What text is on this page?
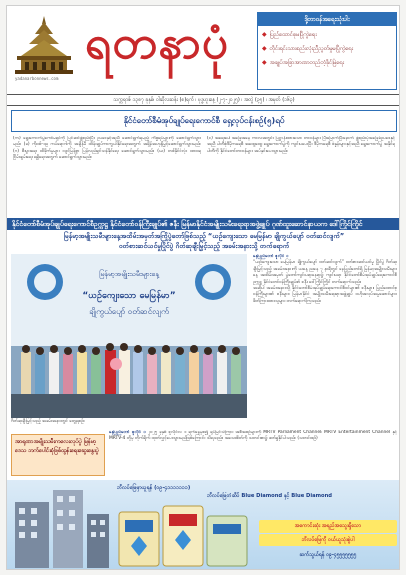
yadanarbonnews.com
ရတနာပုံ	ဒို့တာဝန်အရေးသုံးပါး
◆ ပြည်ထောင်စုမပြိုကွဲရေး
◆ တိုင်းရင်းသားစည်းလုံးညီညွတ်မှုမပြိုကွဲရေး
◆ အချုပ်အခြာအာဏာတည်တံ့ခိုင်မြဲရေး
သက္ကရာဇ် ၁၃၈၇ ခုနှစ်၊ ဝါဆိုလဆန်း (၈)ရက် ၊ ဗုဒ္ဓဟူးနေ့ (၂-၇-၂၀၂၅) ၊ အတွဲ (၃၅) ၊ အမှတ် (၁၆၃)
နိုင်ငံတော်စီမံအုပ်ချုပ်ရေးကောင်စီ ရှေ့လုပ်ငန်းစဉ်(၅)ရပ်
(က) ရွေးကောက်ပွဲကော်မရှင်ကို ပြင်ဆင်ဖွဲ့စည်းပြီး ဥပဒေနှင့်အညီ ဆောင်ရွက်ရမည့် ကိစ္စရပ်များကို ဆောင်ရွက်သွားမည်။ (ခ) ကိုဗစ်-၁၉ ကပ်ရောဂါကို အချိန်မီ ထိန်းချုပ်ကာကွယ်နိုင်ရေးအတွက် အရှိန်အဟုန်မြှင့်ဆောင်ရွက်သွားမည်။ (ဂ) စီးပွားရေး ထိခိုက်မှုများ လျင်မြန်စွာ ပြန်လည်ရှင်သန်နိုင်ရေး ဆောင်ရွက်သွားမည်။ (ဃ) တစ်နိုင်ငံလုံး ထာဝရငြိမ်းချမ်းရေး ရရှိရေးအတွက် ဆောင်ရွက်သွားမည်။
(င) အရေးပေါ်အခြေအနေ ကာလအတွင်း ပြဋ္ဌာန်းထားသော တာဝန်များ ပြီးမြောက်ပြီးနောက် ဖွဲ့စည်းပုံအခြေခံဥပဒေနှင့်အညီ ပါတီစုံဒီမိုကရေစီ အထွေထွေ ရွေးကောက်ပွဲကို ကျင်းပပေးပြီး ဒီမိုကရေစီ စံနှုန်းများနှင့်အညီ ရွေးကောက်ပွဲ အနိုင်ရပါတီကို နိုင်ငံတော်တာဝန်များ အပ်နှင်းပေးသွားမည်။
နိုင်ငံတော်စီမံအုပ်ချုပ်ရေးကောင်စီဥက္ကဋ္ဌ နိုင်ငံတော်ဝန်ကြီးချုပ်၏ ဇနီး မြန်မာနိုင်ငံအမျိုးသမီးရေးရာအဖွဲ့ချုပ် ဂုဏ်ထူးဆောင်နာယက ဒေါ်ကြိုင်ကြိုင်
မြန်မာ့အမျိုးသမီးများနေ့အထိမ်းအမှတ်အကြိုပွဲတော်ဖြစ်သည့် “ယဉ်ကျေးသော မေမြန်မာ ချိုကွယ်ပျော် ဝတ်ဆင်လျက်”
ဝတ်စားဆင်ယင်မှုပြိုင်ပွဲ ဂိတ်ဆုချီးမြှင့်သည့် အခမ်းအနားသို့ တက်ရောက်
မြန်မာ့အမျိုးသမီးများနေ့
“ယဉ်ကျေးသော မေမြန်မာ”
ချိုကွယ်ပျော် ဝတ်ဆင်လျက်
ဂိတ်ဆုချီးမြှင့်သည့် အခမ်းအနားတွင် တွေ့ရစဉ်။
နေပြည်တော် ဇူလိုင် ၁

“ယဉ်ကျေးသော မေမြန်မာ ချိုကွယ်ပျော် ဝတ်ဆင်လျက်” ဝတ်စားဆင်ယင်မှု ပြိုင်ပွဲ ဂိတ်ဆုချီးမြှင့်သည့် အခမ်းအနားကို ယနေ့ ညနေ ၇ နာရီတွင် နေပြည်တော်ရှိ မြန်မာ့အမျိုးသမီးများနေ့ အထိမ်းအမှတ် ပွဲတော်ကျင်းပရာနေရာ၌ ကျင်းပရာ နိုင်ငံတော်စီမံအုပ်ချုပ်ရေးကောင်စီ ဥက္ကဋ္ဌ နိုင်ငံတော်ဝန်ကြီးချုပ်၏ ဇနီး ဒေါ်ကြိုင်ကြိုင် တက်ရောက်သည်။

အဆိုပါ အခမ်းအနားသို့ နိုင်ငံတော်စီမံအုပ်ချုပ်ရေးကောင်စီဝင်များ၏ ဇနီးများ၊ ပြည်ထောင်စုဝန်ကြီးများ၏ ဇနီးများ၊ မြန်မာနိုင်ငံ အမျိုးသမီးရေးရာအဖွဲ့ချုပ် ဗဟိုအလုပ်အမှုဆောင်များ၊ ဖိတ်ကြားထားသူများ တက်ရောက်ကြသည်။

အာရုဏာအမျိုးသမီးကလေးလုပ်ပွဲ မြန်မာ့ဒေသ ဘက်ပေါင်းစုံဖြစ်ထွန်းရေးဆွေးနွေးပွဲ

နေပြည်တော် ဇူလိုင် ၁ ၂၀၂၅ ခုနှစ် ဇူလိုင်လ ၁ ရက်နေ့မှစ၍ ရုပ်မြင်သံကြား အစီအစဉ်များကို MRTV Parliament Channel၊ MRTV Entertainment Channel နှင့် MRTV-4 တို့မှ တိုက်ရိုက် ထုတ်လွှင့်ပေးသွားမည်ဖြစ်ကြောင်း သိရသည်။ အသေးစိတ်ကို သတင်းစာ၌ ဖတ်ရှုနိုင်ပါသည်။ (သတင်းစဉ်)
ဘိလပ်မြေမှာယူရန် (၀၉-၄၁၁၁၁၁၁၁)
ဘိလပ်မြေတံဆိပ် Blue Diamond နှင့် Blue Diamond
အကောင်းဆုံး အရည်အသွေးရှိသော
ဘိလပ်မြေကို ဝယ်ယူသုံးစွဲပါ
ဆက်သွယ်ရန် ၀၉-၄၅၅၅၅၅၅၅
